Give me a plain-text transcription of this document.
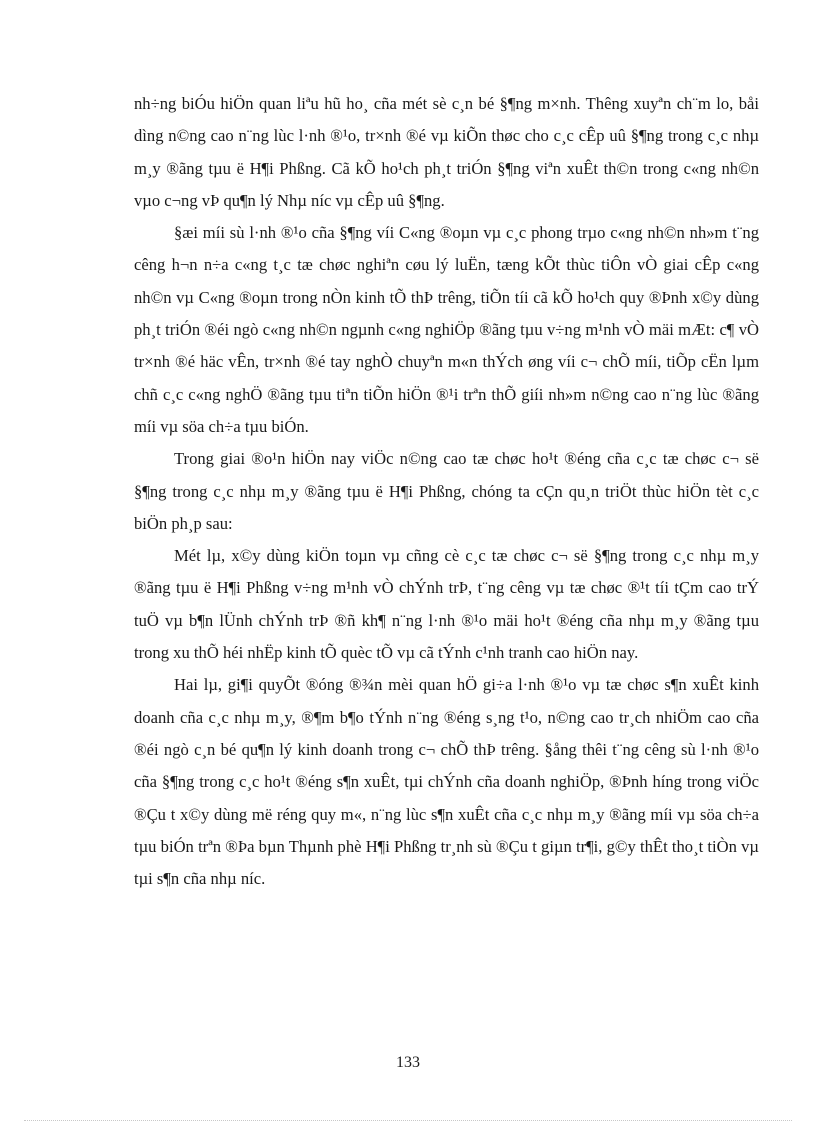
nh÷ng biÓu hiÖn quan liªu hũ ho¸ cña mét sè c¸n bé §¶ng m×nh. Thêng xuyªn ch¨m lo, båi dìng n©ng cao n¨ng lùc l·nh ®¹o, tr×nh ®é vµ kiÕn thøc cho c¸c cÊp uû §¶ng trong c¸c nhµ m¸y ®ãng tµu ë H¶i Phßng. Cã kÕ ho¹ch ph¸t triÓn §¶ng viªn xuÊt th©n trong c«ng nh©n vµo c¬ng vÞ qu¶n lý Nhµ níc vµ cÊp uû §¶ng.

§æi míi sù l·nh ®¹o cña §¶ng víi C«ng ®oµn vµ c¸c phong trµo c«ng nh©n nh»m t¨ng cêng h¬n n÷a c«ng t¸c tæ chøc nghiªn cøu lý luËn, tæng kÕt thùc tiÔn vÒ giai cÊp c«ng nh©n vµ C«ng ®oµn trong nÒn kinh tÕ thÞ trêng, tiÕn tíi cã kÕ ho¹ch quy ®Þnh x©y dùng ph¸t triÓn ®éi ngò c«ng nh©n ngµnh c«ng nghiÖp ®ãng tµu v÷ng m¹nh vÒ mäi mÆt: c¶ vÒ tr×nh ®é häc vÊn, tr×nh ®é tay nghÒ chuyªn m«n thÝch øng víi c¬ chÕ míi, tiÕp cËn lµm chñ c¸c c«ng nghÖ ®ãng tµu tiªn tiÕn hiÖn ®¹i trªn thÕ giíi nh»m n©ng cao n¨ng lùc ®ãng míi vµ söa ch÷a tµu biÓn.

Trong giai ®o¹n hiÖn nay viÖc n©ng cao tæ chøc ho¹t ®éng cña c¸c tæ chøc c¬ së §¶ng trong c¸c nhµ m¸y ®ãng tµu ë H¶i Phßng, chóng ta cÇn qu¸n triÖt thùc hiÖn tèt c¸c biÖn ph¸p sau:

Mét lµ, x©y dùng kiÖn toµn vµ cñng cè c¸c tæ chøc c¬ së §¶ng trong c¸c nhµ m¸y ®ãng tµu ë H¶i Phßng v÷ng m¹nh vÒ chÝnh trÞ, t¨ng cêng vµ tæ chøc ®¹t tíi tÇm cao trÝ tuÖ vµ b¶n lÜnh chÝnh trÞ ®ñ kh¶ n¨ng l·nh ®¹o mäi ho¹t ®éng cña nhµ m¸y ®ãng tµu trong xu thÕ héi nhËp kinh tÕ quèc tÕ vµ cã tÝnh c¹nh tranh cao hiÖn nay.

Hai lµ, gi¶i quyÕt ®óng ®¾n mèi quan hÖ gi÷a l·nh ®¹o vµ tæ chøc s¶n xuÊt kinh doanh cña c¸c nhµ m¸y, ®¶m b¶o tÝnh n¨ng ®éng s¸ng t¹o, n©ng cao tr¸ch nhiÖm cao cña ®éi ngò c¸n bé qu¶n lý kinh doanh trong c¬ chÕ thÞ trêng. §ång thêi t¨ng cêng sù l·nh ®¹o cña §¶ng trong c¸c ho¹t ®éng s¶n xuÊt, tµi chÝnh cña doanh nghiÖp, ®Þnh híng trong viÖc ®Çu t x©y dùng më réng quy m«, n¨ng lùc s¶n xuÊt cña c¸c nhµ m¸y ®ãng míi vµ söa ch÷a tµu biÓn trªn ®Þa bµn Thµnh phè H¶i Phßng tr¸nh sù ®Çu t giµn tr¶i, g©y thÊt tho¸t tiÒn vµ tµi s¶n cña nhµ níc.

133
